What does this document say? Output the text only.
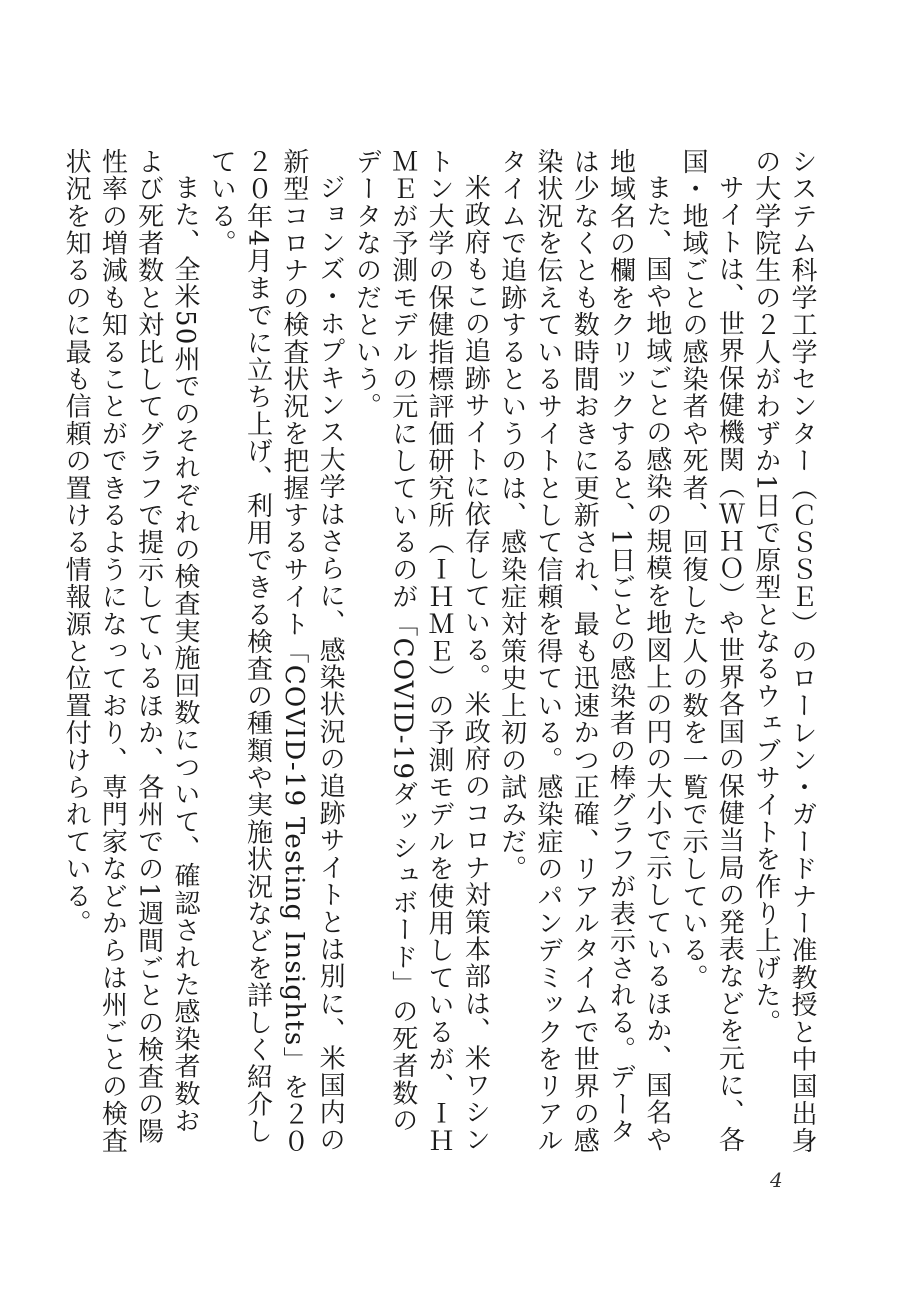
システム科学工学センター（ＣＳＳＥ）のローレン・ガードナー准教授と中国出身の大学院生の２人がわずか1日で原型となるウェブサイトを作り上げた。

サイトは、世界保健機関（ＷＨＯ）や世界各国の保健当局の発表などを元に、各国・地域ごとの感染者や死者、回復した人の数を一覧で示している。

また、国や地域ごとの感染の規模を地図上の円の大小で示しているほか、国名や地域名の欄をクリックすると、1日ごとの感染者の棒グラフが表示される。データは少なくとも数時間おきに更新され、最も迅速かつ正確、リアルタイムで世界の感染状況を伝えているサイトとして信頼を得ている。感染症のパンデミックをリアルタイムで追跡するというのは、感染症対策史上初の試みだ。

米政府もこの追跡サイトに依存している。米政府のコロナ対策本部は、米ワシントン大学の保健指標評価研究所（ＩＨＭＥ）の予測モデルを使用しているが、ＩＨＭＥが予測モデルの元にしているのが「COVID-19ダッシュボード」の死者数のデータなのだという。

ジョンズ・ホプキンス大学はさらに、感染状況の追跡サイトとは別に、米国内の新型コロナの検査状況を把握するサイト「COVID-19 Testing Insights」を２０２０年4月までに立ち上げ、利用できる検査の種類や実施状況などを詳しく紹介している。

また、全米50州でのそれぞれの検査実施回数について、確認された感染者数および死者数と対比してグラフで提示しているほか、各州での1週間ごとの検査の陽性率の増減も知ることができるようになっており、専門家などからは州ごとの検査状況を知るのに最も信頼の置ける情報源と位置付けられている。

4
